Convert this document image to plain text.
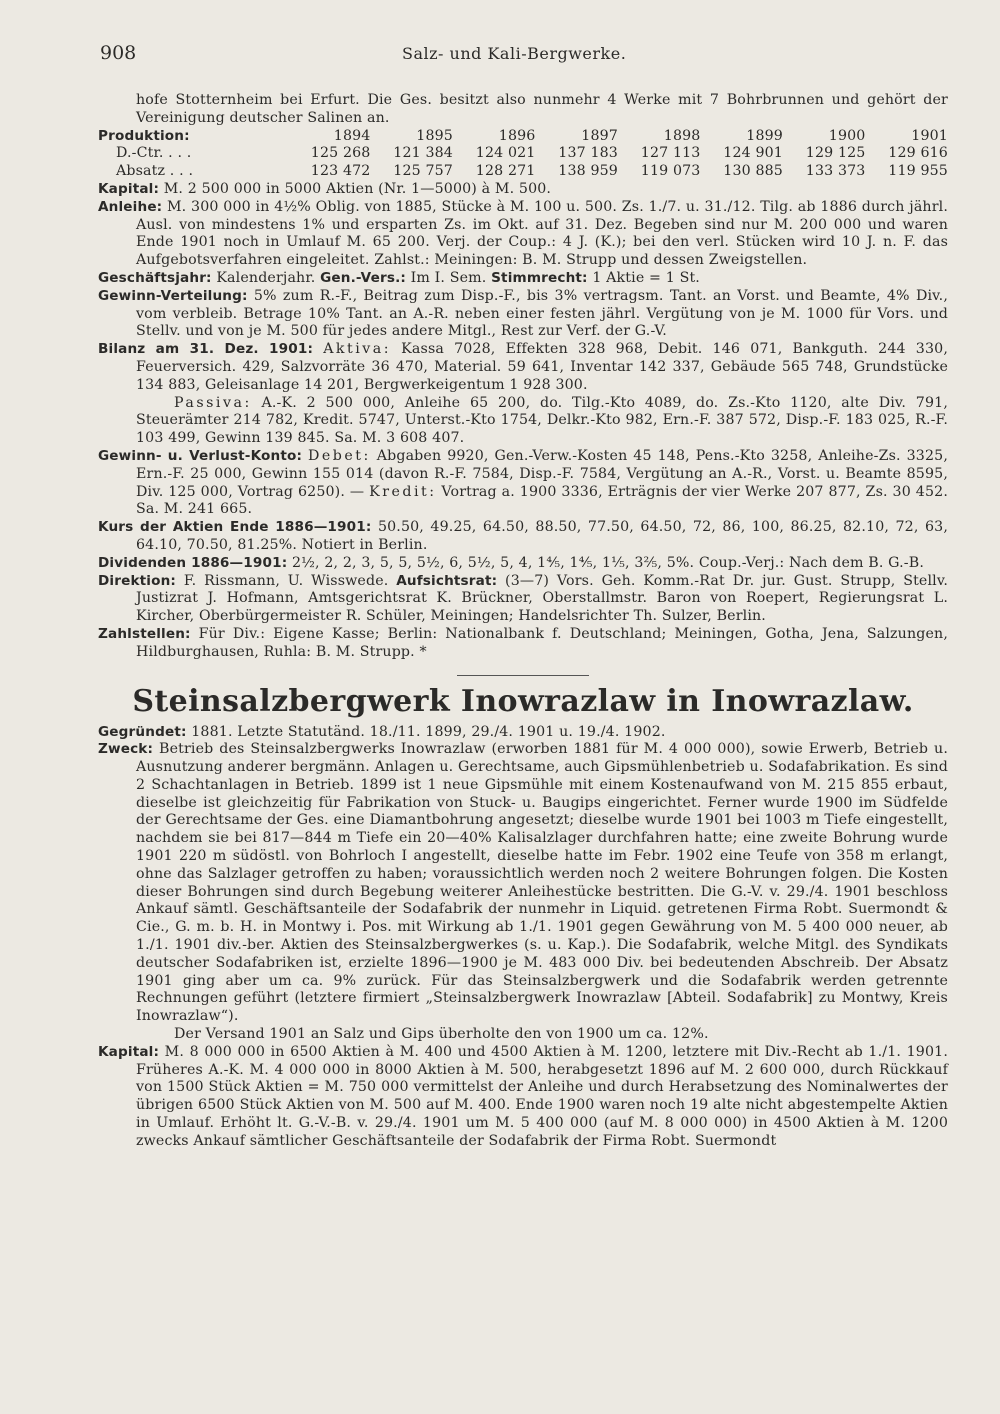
908	Salz- und Kali-Bergwerke.

hofe Stotternheim bei Erfurt. Die Ges. besitzt also nunmehr 4 Werke mit 7 Bohrbrunnen und gehört der Vereinigung deutscher Salinen an.

Produktion:	1894	1895	1896	1897	1898	1899	1900	1901
D.-Ctr. . . .	125 268	121 384	124 021	137 183	127 113	124 901	129 125	129 616
Absatz . . .	123 472	125 757	128 271	138 959	119 073	130 885	133 373	119 955

Kapital: M. 2 500 000 in 5000 Aktien (Nr. 1—5000) à M. 500.

Anleihe: M. 300 000 in 4½% Oblig. von 1885, Stücke à M. 100 u. 500. Zs. 1./7. u. 31./12. Tilg. ab 1886 durch jährl. Ausl. von mindestens 1% und ersparten Zs. im Okt. auf 31. Dez. Begeben sind nur M. 200 000 und waren Ende 1901 noch in Umlauf M. 65 200. Verj. der Coup.: 4 J. (K.); bei den verl. Stücken wird 10 J. n. F. das Aufgebotsverfahren eingeleitet. Zahlst.: Meiningen: B. M. Strupp und dessen Zweigstellen.

Geschäftsjahr: Kalenderjahr. Gen.-Vers.: Im I. Sem. Stimmrecht: 1 Aktie = 1 St.

Gewinn-Verteilung: 5% zum R.-F., Beitrag zum Disp.-F., bis 3% vertragsm. Tant. an Vorst. und Beamte, 4% Div., vom verbleib. Betrage 10% Tant. an A.-R. neben einer festen jährl. Vergütung von je M. 1000 für Vors. und Stellv. und von je M. 500 für jedes andere Mitgl., Rest zur Verf. der G.-V.

Bilanz am 31. Dez. 1901: Aktiva: Kassa 7028, Effekten 328 968, Debit. 146 071, Bankguth. 244 330, Feuerversich. 429, Salzvorräte 36 470, Material. 59 641, Inventar 142 337, Gebäude 565 748, Grundstücke 134 883, Geleisanlage 14 201, Bergwerkeigentum 1 928 300.

Passiva: A.-K. 2 500 000, Anleihe 65 200, do. Tilg.-Kto 4089, do. Zs.-Kto 1120, alte Div. 791, Steuerämter 214 782, Kredit. 5747, Unterst.-Kto 1754, Delkr.-Kto 982, Ern.-F. 387 572, Disp.-F. 183 025, R.-F. 103 499, Gewinn 139 845. Sa. M. 3 608 407.

Gewinn- u. Verlust-Konto: Debet: Abgaben 9920, Gen.-Verw.-Kosten 45 148, Pens.-Kto 3258, Anleihe-Zs. 3325, Ern.-F. 25 000, Gewinn 155 014 (davon R.-F. 7584, Disp.-F. 7584, Vergütung an A.-R., Vorst. u. Beamte 8595, Div. 125 000, Vortrag 6250). — Kredit: Vortrag a. 1900 3336, Erträgnis der vier Werke 207 877, Zs. 30 452. Sa. M. 241 665.

Kurs der Aktien Ende 1886—1901: 50.50, 49.25, 64.50, 88.50, 77.50, 64.50, 72, 86, 100, 86.25, 82.10, 72, 63, 64.10, 70.50, 81.25%. Notiert in Berlin.

Dividenden 1886—1901: 2½, 2, 2, 3, 5, 5, 5½, 6, 5½, 5, 4, 1⅘, 1⅘, 1⅕, 3⅖, 5%. Coup.-Verj.: Nach dem B. G.-B.

Direktion: F. Rissmann, U. Wisswede. Aufsichtsrat: (3—7) Vors. Geh. Komm.-Rat Dr. jur. Gust. Strupp, Stellv. Justizrat J. Hofmann, Amtsgerichtsrat K. Brückner, Oberstallmstr. Baron von Roepert, Regierungsrat L. Kircher, Oberbürgermeister R. Schüler, Meiningen; Handelsrichter Th. Sulzer, Berlin.

Zahlstellen: Für Div.: Eigene Kasse; Berlin: Nationalbank f. Deutschland; Meiningen, Gotha, Jena, Salzungen, Hildburghausen, Ruhla: B. M. Strupp. *

Steinsalzbergwerk Inowrazlaw in Inowrazlaw.

Gegründet: 1881. Letzte Statutänd. 18./11. 1899, 29./4. 1901 u. 19./4. 1902.

Zweck: Betrieb des Steinsalzbergwerks Inowrazlaw (erworben 1881 für M. 4 000 000), sowie Erwerb, Betrieb u. Ausnutzung anderer bergmänn. Anlagen u. Gerechtsame, auch Gipsmühlenbetrieb u. Sodafabrikation. Es sind 2 Schachtanlagen in Betrieb. 1899 ist 1 neue Gipsmühle mit einem Kostenaufwand von M. 215 855 erbaut, dieselbe ist gleichzeitig für Fabrikation von Stuck- u. Baugips eingerichtet. Ferner wurde 1900 im Südfelde der Gerechtsame der Ges. eine Diamantbohrung angesetzt; dieselbe wurde 1901 bei 1003 m Tiefe eingestellt, nachdem sie bei 817—844 m Tiefe ein 20—40% Kalisalzlager durchfahren hatte; eine zweite Bohrung wurde 1901 220 m südöstl. von Bohrloch I angestellt, dieselbe hatte im Febr. 1902 eine Teufe von 358 m erlangt, ohne das Salzlager getroffen zu haben; voraussichtlich werden noch 2 weitere Bohrungen folgen. Die Kosten dieser Bohrungen sind durch Begebung weiterer Anleihestücke bestritten. Die G.-V. v. 29./4. 1901 beschloss Ankauf sämtl. Geschäftsanteile der Sodafabrik der nunmehr in Liquid. getretenen Firma Robt. Suermondt & Cie., G. m. b. H. in Montwy i. Pos. mit Wirkung ab 1./1. 1901 gegen Gewährung von M. 5 400 000 neuer, ab 1./1. 1901 div.-ber. Aktien des Steinsalzbergwerkes (s. u. Kap.). Die Sodafabrik, welche Mitgl. des Syndikats deutscher Sodafabriken ist, erzielte 1896—1900 je M. 483 000 Div. bei bedeutenden Abschreib. Der Absatz 1901 ging aber um ca. 9% zurück. Für das Steinsalzbergwerk und die Sodafabrik werden getrennte Rechnungen geführt (letztere firmiert „Steinsalzbergwerk Inowrazlaw [Abteil. Sodafabrik] zu Montwy, Kreis Inowrazlaw“).

Der Versand 1901 an Salz und Gips überholte den von 1900 um ca. 12%.

Kapital: M. 8 000 000 in 6500 Aktien à M. 400 und 4500 Aktien à M. 1200, letztere mit Div.-Recht ab 1./1. 1901. Früheres A.-K. M. 4 000 000 in 8000 Aktien à M. 500, herabgesetzt 1896 auf M. 2 600 000, durch Rückkauf von 1500 Stück Aktien = M. 750 000 vermittelst der Anleihe und durch Herabsetzung des Nominalwertes der übrigen 6500 Stück Aktien von M. 500 auf M. 400. Ende 1900 waren noch 19 alte nicht abgestempelte Aktien in Umlauf. Erhöht lt. G.-V.-B. v. 29./4. 1901 um M. 5 400 000 (auf M. 8 000 000) in 4500 Aktien à M. 1200 zwecks Ankauf sämtlicher Geschäftsanteile der Sodafabrik der Firma Robt. Suermondt
